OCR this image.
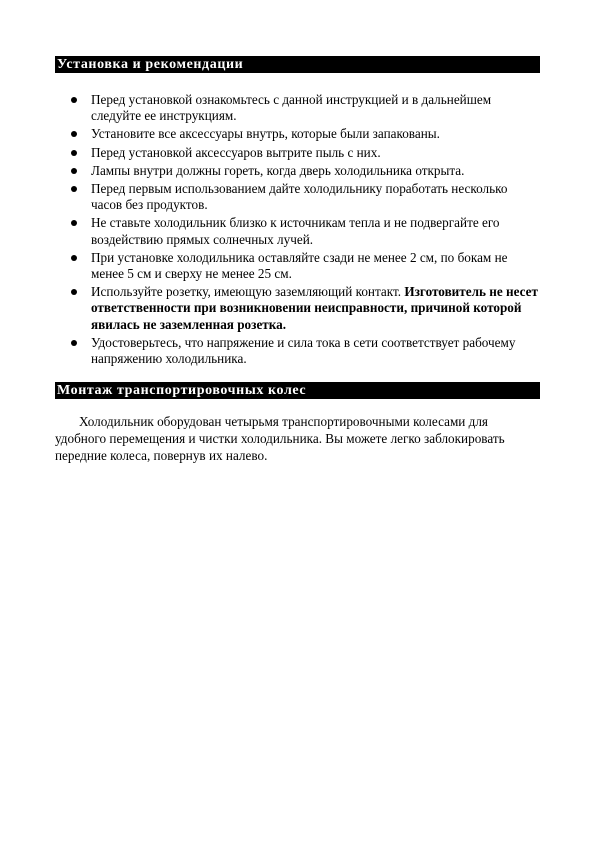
Установка и рекомендации
Перед установкой ознакомьтесь с данной инструкцией и в дальнейшем следуйте ее инструкциям.
Установите все аксессуары внутрь, которые были запакованы.
Перед установкой аксессуаров вытрите пыль с них.
Лампы внутри должны гореть, когда дверь холодильника открыта.
Перед первым использованием дайте холодильнику поработать несколько часов без продуктов.
Не ставьте холодильник близко к источникам тепла и не подвергайте его воздействию прямых солнечных лучей.
При установке холодильника оставляйте сзади не менее 2 см, по бокам не менее 5 см и сверху не менее 25 см.
Используйте розетку, имеющую заземляющий контакт. Изготовитель не несет ответственности при возникновении неисправности, причиной которой явилась не заземленная розетка.
Удостоверьтесь, что напряжение и сила тока в сети соответствует рабочему напряжению холодильника.
Монтаж транспортировочных колес

Холодильник оборудован четырьмя транспортировочными колесами для удобного перемещения и чистки холодильника. Вы можете легко заблокировать передние колеса, повернув их налево.
